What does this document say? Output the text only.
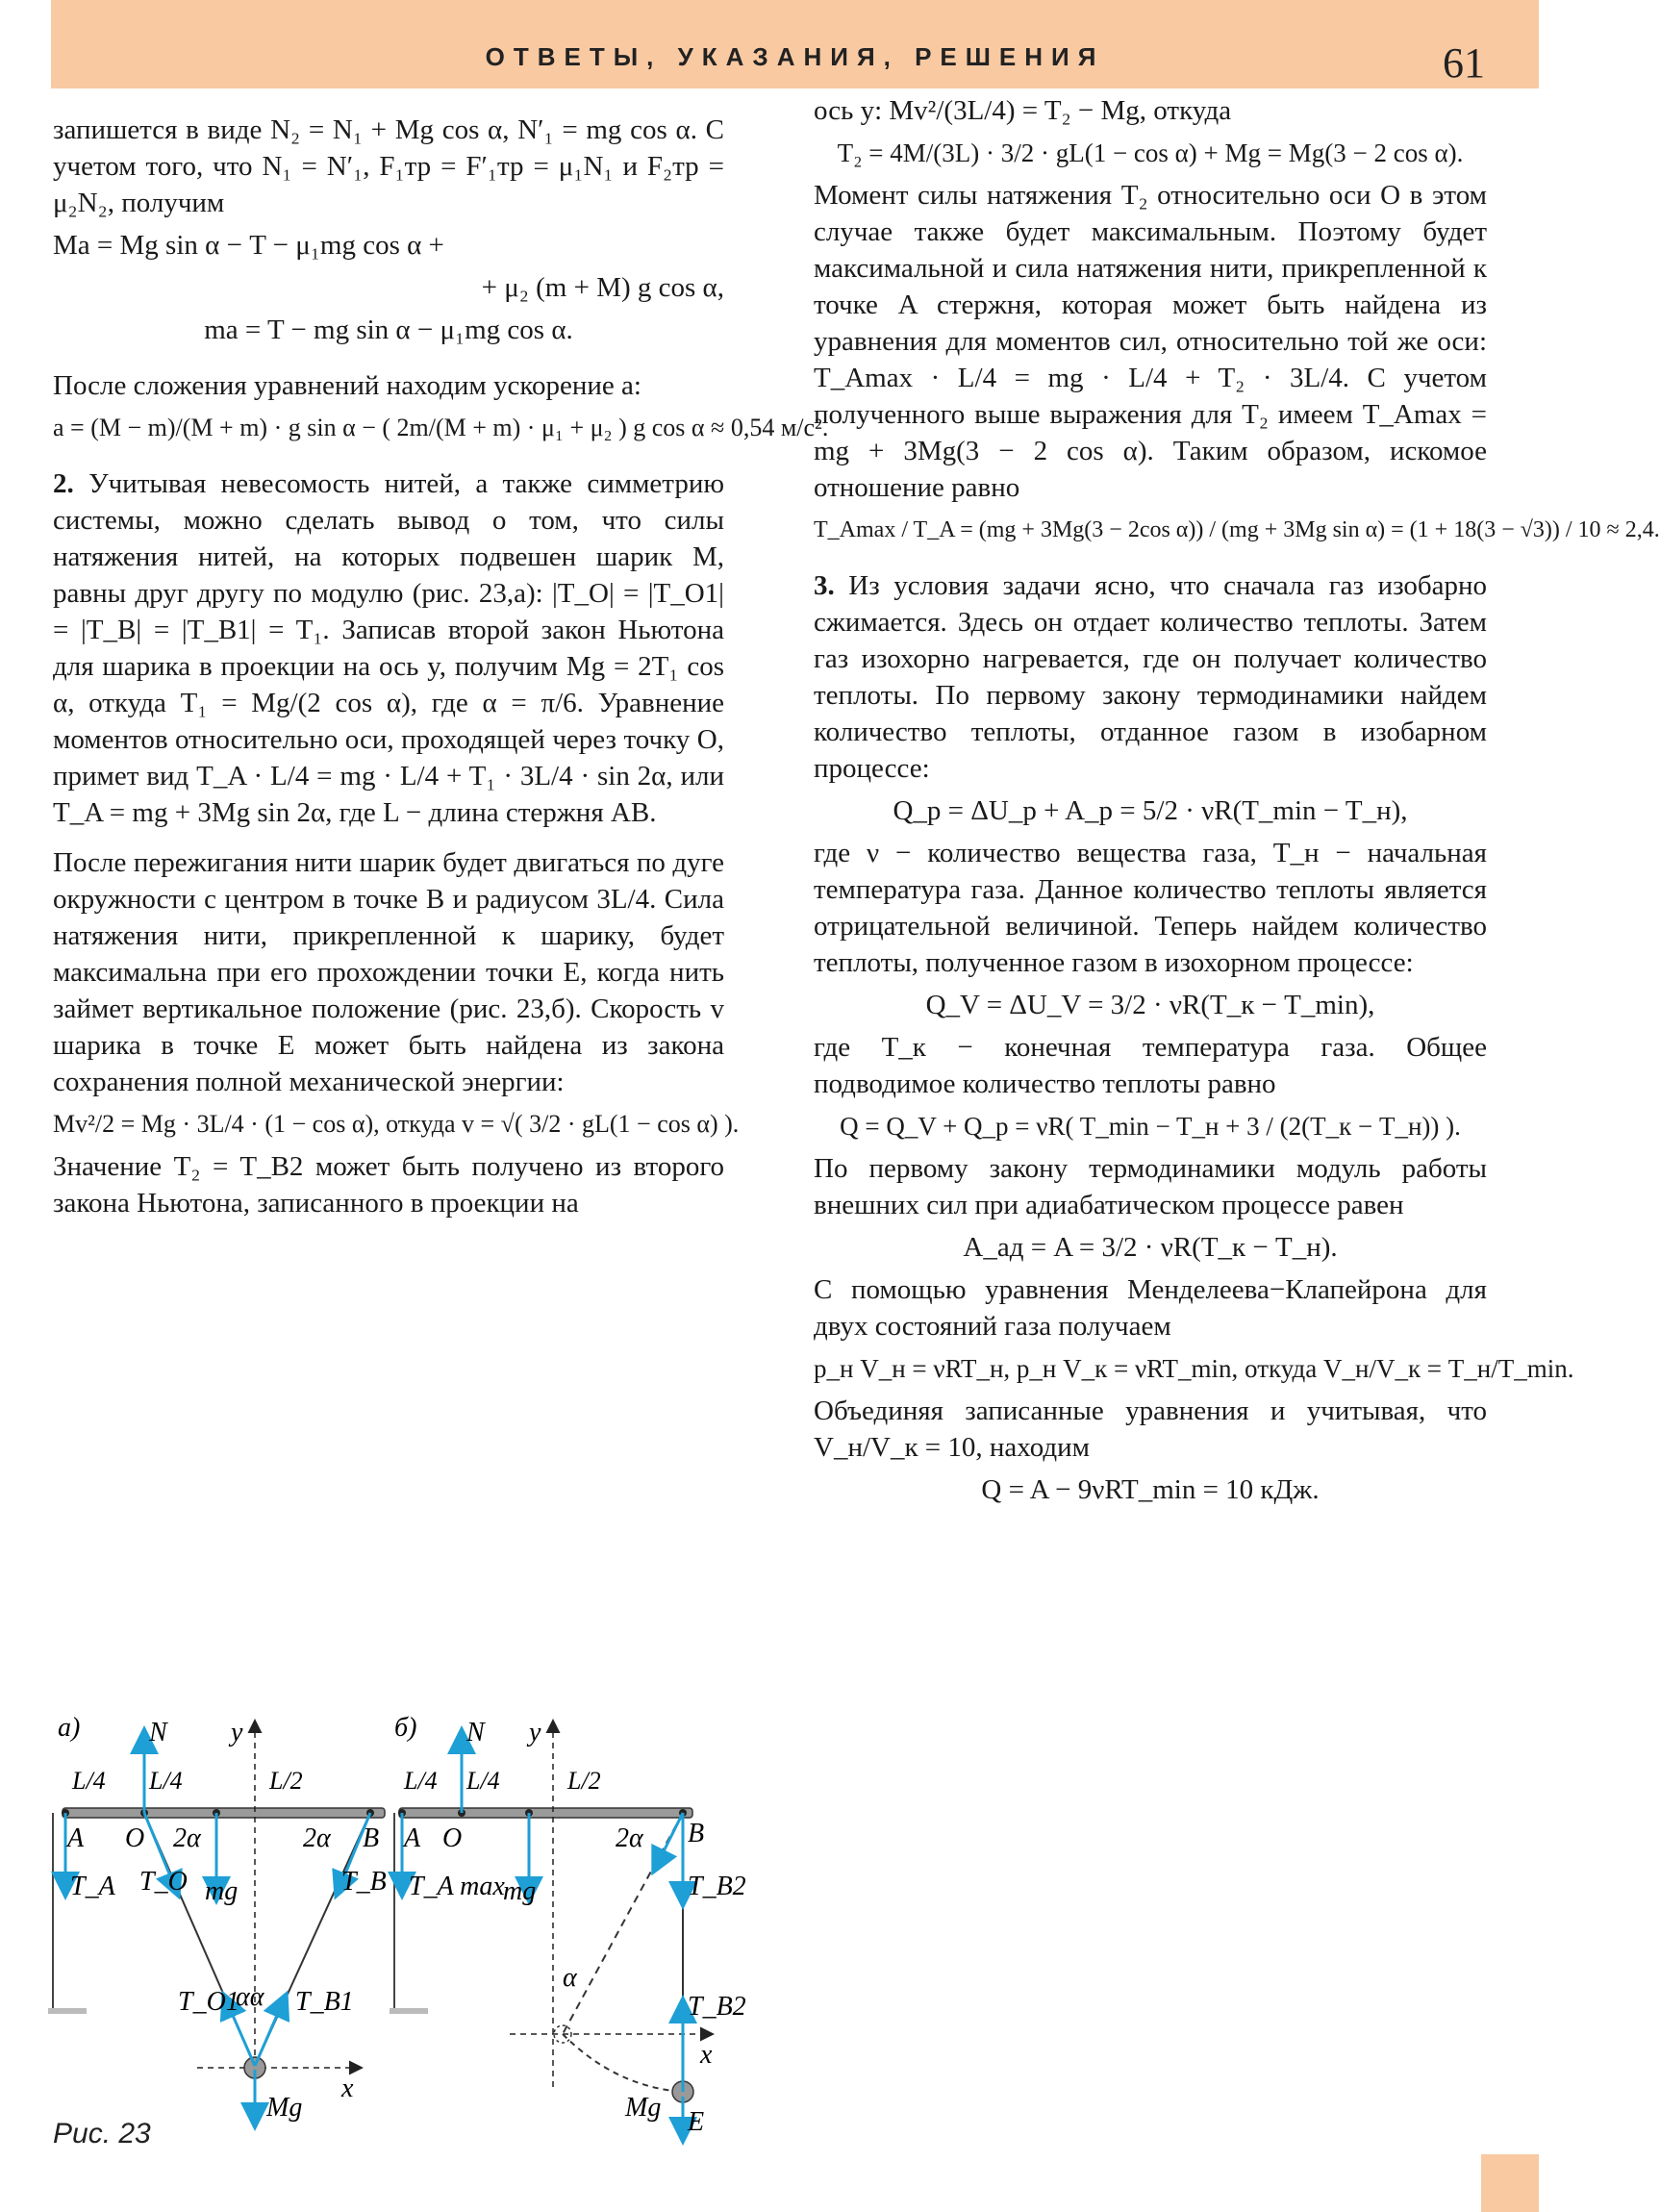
ОТВЕТЫ, УКАЗАНИЯ, РЕШЕНИЯ	61

запишется в виде N₂ = N₁ + Mg cos α, N′₁ = mg cos α. С учетом того, что N₁ = N′₁, F₁тр = F′₁тр = μ₁N₁ и F₂тр = μ₂N₂, получим

Ma = Mg sin α − T − μ₁mg cos α +
+ μ₂ (m + M) g cos α,
ma = T − mg sin α − μ₁mg cos α.

После сложения уравнений находим ускорение a:

a = (M − m)/(M + m) · g sin α − ( 2m/(M + m) · μ₁ + μ₂ ) g cos α ≈ 0,54 м/с².

2. Учитывая невесомость нитей, а также симметрию системы, можно сделать вывод о том, что силы натяжения нитей, на которых подвешен шарик M, равны друг другу по модулю (рис. 23,а): |T_O| = |T_O1| = |T_B| = |T_B1| = T₁. Записав второй закон Ньютона для шарика в проекции на ось y, получим Mg = 2T₁ cos α, откуда T₁ = Mg/(2 cos α), где α = π/6. Уравнение моментов относительно оси, проходящей через точку O, примет вид T_A · L/4 = mg · L/4 + T₁ · 3L/4 · sin 2α, или T_A = mg + 3Mg sin 2α, где L − длина стержня AB.

После пережигания нити шарик будет двигаться по дуге окружности с центром в точке B и радиусом 3L/4. Сила натяжения нити, прикрепленной к шарику, будет максимальна при его прохождении точки E, когда нить займет вертикальное положение (рис. 23,б). Скорость v шарика в точке E может быть найдена из закона сохранения полной механической энергии:

Mv²/2 = Mg · 3L/4 · (1 − cos α), откуда v = √( 3/2 · gL(1 − cos α) ).

Значение T₂ = T_B2 может быть получено из второго закона Ньютона, записанного в проекции на

ось y: Mv²/(3L/4) = T₂ − Mg, откуда
T₂ = 4M/(3L) · 3/2 · gL(1 − cos α) + Mg = Mg(3 − 2 cos α).

Момент силы натяжения T₂ относительно оси O в этом случае также будет максимальным. Поэтому будет максимальной и сила натяжения нити, прикрепленной к точке A стержня, которая может быть найдена из уравнения для моментов сил, относительно той же оси: T_Amax · L/4 = mg · L/4 + T₂ · 3L/4. С учетом полученного выше выражения для T₂ имеем T_Amax = mg + 3Mg(3 − 2 cos α). Таким образом, искомое отношение равно

T_Amax / T_A = (mg + 3Mg(3 − 2cos α)) / (mg + 3Mg sin α) = (1 + 18(3 − √3)) / 10 ≈ 2,4.

3. Из условия задачи ясно, что сначала газ изобарно сжимается. Здесь он отдает количество теплоты. Затем газ изохорно нагревается, где он получает количество теплоты. По первому закону термодинамики найдем количество теплоты, отданное газом в изобарном процессе:

Q_p = ΔU_p + A_p = 5/2 · νR(T_min − T_н),

где ν − количество вещества газа, T_н − начальная температура газа. Данное количество теплоты является отрицательной величиной. Теперь найдем количество теплоты, полученное газом в изохорном процессе:

Q_V = ΔU_V = 3/2 · νR(T_к − T_min),

где T_к − конечная температура газа. Общее подводимое количество теплоты равно

Q = Q_V + Q_p = νR( T_min − T_н + 3 / (2(T_к − T_н)) ).

По первому закону термодинамики модуль работы внешних сил при адиабатическом процессе равен

A_ад = A = 3/2 · νR(T_к − T_н).

С помощью уравнения Менделеева−Клапейрона для двух состояний газа получаем

p_н V_н = νRT_н, p_н V_к = νRT_min, откуда V_н/V_к = T_н/T_min.

Объединяя записанные уравнения и учитывая, что V_н/V_к = 10, находим

Q = A − 9νRT_min = 10 кДж.
а)	N y
L/4 L/4	L/2
A O 2α	2α B
T_A T_O mg	T_B
T_O1
αα T_B1
x
Mg
б) N y
L/4 L/4	L/2
A O	2α B
T_A max
mg	T_B2
α
T_B2
x
E
Mg
Рис. 23
